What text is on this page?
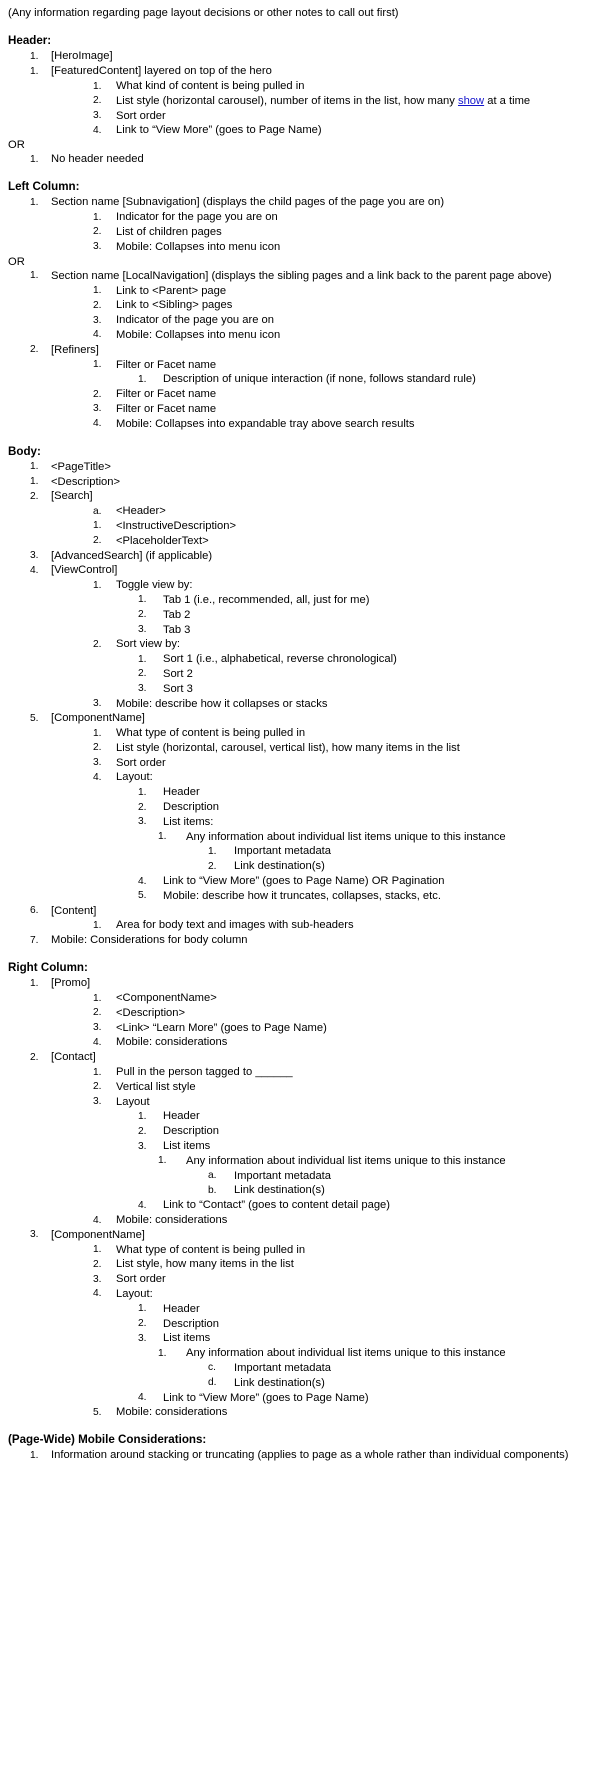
(Any information regarding page layout decisions or other notes to call out first)

Header:
1.	[HeroImage]
1.	[FeaturedContent] layered on top of the hero
1.	What kind of content is being pulled in
2.	List style (horizontal carousel), number of items in the list, how many show at a time
3.	Sort order
4.	Link to “View More” (goes to Page Name)
OR
1.	No header needed
Left Column:
1.	Section name [Subnavigation] (displays the child pages of the page you are on)
1.	Indicator for the page you are on
2.	List of children pages
3.	Mobile: Collapses into menu icon
OR
1.	Section name [LocalNavigation] (displays the sibling pages and a link back to the parent page above)
1.	Link to <Parent> page
2.	Link to <Sibling> pages
3.	Indicator of the page you are on
4.	Mobile: Collapses into menu icon
2.	[Refiners]
1.	Filter or Facet name
1.	Description of unique interaction (if none, follows standard rule)
2.	Filter or Facet name
3.	Filter or Facet name
4.	Mobile: Collapses into expandable tray above search results
Body:
1.	<PageTitle>
1.	<Description>
2.	[Search]
a.	<Header>
1.	<InstructiveDescription>
2.	<PlaceholderText>
3.	[AdvancedSearch] (if applicable)
4.	[ViewControl]
1.	Toggle view by:
1.	Tab 1 (i.e., recommended, all, just for me)
2.	Tab 2
3.	Tab 3
2.	Sort view by:
1.	Sort 1 (i.e., alphabetical, reverse chronological)
2.	Sort 2
3.	Sort 3
3.	Mobile: describe how it collapses or stacks
5.	[ComponentName]
1.	What type of content is being pulled in
2.	List style (horizontal, carousel, vertical list), how many items in the list
3.	Sort order
4.	Layout:
1.	Header
2.	Description
3.	List items:
1.	Any information about individual list items unique to this instance
1.	Important metadata
2.	Link destination(s)
4.	Link to “View More” (goes to Page Name) OR Pagination
5.	Mobile: describe how it truncates, collapses, stacks, etc.
6.	[Content]
1.	Area for body text and images with sub-headers
7.	Mobile: Considerations for body column
Right Column:
1.	[Promo]
1.	<ComponentName>
2.	<Description>
3.	<Link> “Learn More” (goes to Page Name)
4.	Mobile: considerations
2.	[Contact]
1.	Pull in the person tagged to ______
2.	Vertical list style
3.	Layout
1.	Header
2.	Description
3.	List items
1.	Any information about individual list items unique to this instance
a.	Important metadata
b.	Link destination(s)
4.	Link to “Contact” (goes to content detail page)
4.	Mobile: considerations
3.	[ComponentName]
1.	What type of content is being pulled in
2.	List style, how many items in the list
3.	Sort order
4.	Layout:
1.	Header
2.	Description
3.	List items
1.	Any information about individual list items unique to this instance
c.	Important metadata
d.	Link destination(s)
4.	Link to “View More” (goes to Page Name)
5.	Mobile: considerations
(Page-Wide) Mobile Considerations:
1.	Information around stacking or truncating (applies to page as a whole rather than individual components)
